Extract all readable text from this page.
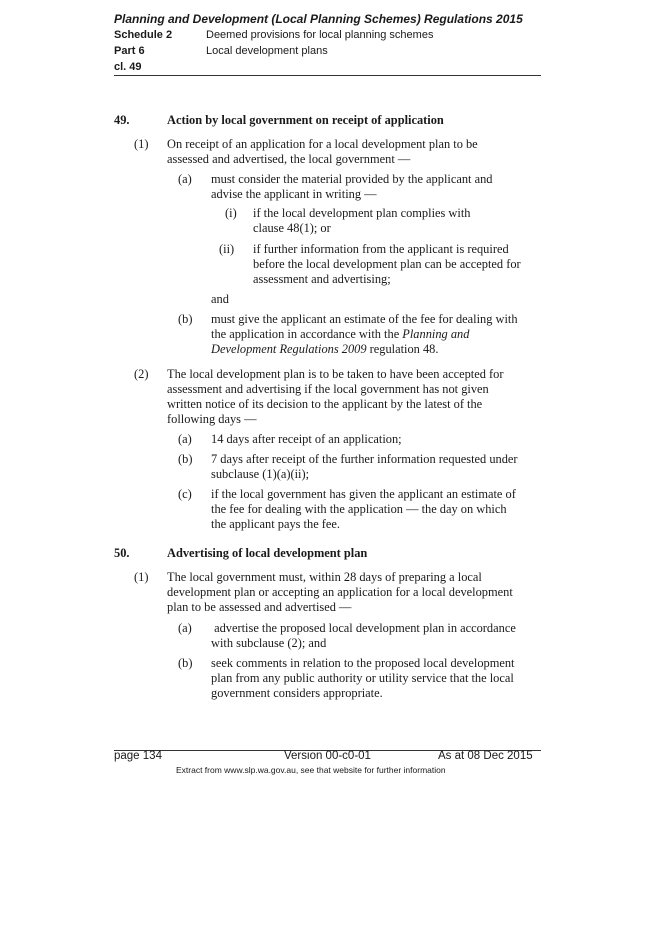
Planning and Development (Local Planning Schemes) Regulations 2015
Schedule 2	Deemed provisions for local planning schemes
Part 6	Local development plans
cl. 49
49.	Action by local government on receipt of application
(1) On receipt of an application for a local development plan to be
assessed and advertised, the local government —
(a) must consider the material provided by the applicant and
advise the applicant in writing —
(i) if the local development plan complies with
clause 48(1); or
(ii) if further information from the applicant is required
before the local development plan can be accepted for
assessment and advertising;
and
(b) must give the applicant an estimate of the fee for dealing with
the application in accordance with the Planning and
Development Regulations 2009 regulation 48.
(2) The local development plan is to be taken to have been accepted for
assessment and advertising if the local government has not given
written notice of its decision to the applicant by the latest of the
following days —
(a) 14 days after receipt of an application;
(b) 7 days after receipt of the further information requested under
subclause (1)(a)(ii);
(c) if the local government has given the applicant an estimate of
the fee for dealing with the application — the day on which
the applicant pays the fee.
50.	Advertising of local development plan
(1) The local government must, within 28 days of preparing a local
development plan or accepting an application for a local development
plan to be assessed and advertised —
(a) advertise the proposed local development plan in accordance
with subclause (2); and
(b) seek comments in relation to the proposed local development
plan from any public authority or utility service that the local
government considers appropriate.
page 134	Version 00-c0-01	As at 08 Dec 2015
Extract from www.slp.wa.gov.au, see that website for further information
